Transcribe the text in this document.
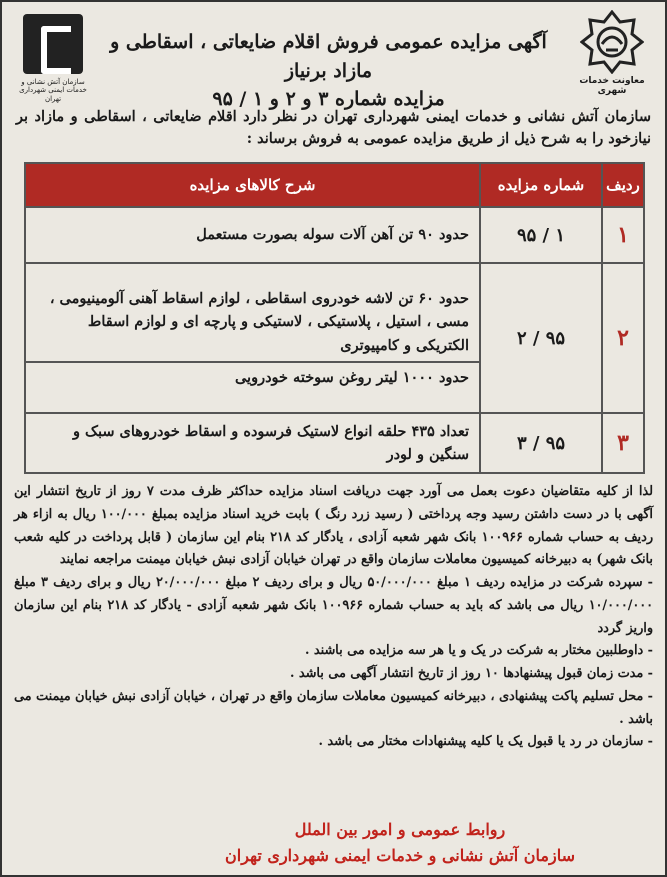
سازمان آتش نشانی و خدمات ایمنی شهرداری تهران
آگهی مزایده عمومی فروش اقلام ضایعاتی ، اسقاطی و مازاد برنیاز
مزایده شماره ۳ و ۲ و ۱ / ۹۵
معاونت خدمات شهری
سازمان آتش نشانی و خدمات ایمنی شهرداری تهران در نظر دارد اقلام ضایعاتی ، اسقاطی و مازاد بر نیازخود را به شرح ذیل از طریق مزایده عمومی به فروش برساند :
ردیف	شماره مزایده	شرح کالاهای مزایده
۱	۱ / ۹۵	حدود ۹۰ تن آهن آلات سوله بصورت مستعمل

۲	۹۵ / ۲	حدود ۶۰ تن لاشه خودروی اسقاطی ، لوازم اسقاط آهنی آلومینیومی ، مسی ، استیل ، پلاستیکی ، لاستیکی و پارچه ای و لوازم اسقاط الکتریکی و کامپیوتری
حدود ۱۰۰۰ لیتر روغن سوخته خودرویی

۳	۹۵ / ۳	تعداد ۴۳۵ حلقه انواع لاستیک فرسوده و اسقاط خودروهای سبک و سنگین و لودر

لذا از کلیه متقاضیان دعوت بعمل می آورد جهت دریافت اسناد مزایده حداکثر ظرف مدت ۷ روز از تاریخ انتشار این آگهی با در دست داشتن رسید وجه پرداختی ( رسید زرد رنگ ) بابت خرید اسناد مزایده بمبلغ ۱۰۰/۰۰۰ ریال به ازاء هر ردیف به حساب شماره ۱۰۰۹۶۶ بانک شهر شعبه آزادی ، یادگار کد ۲۱۸ بنام این سازمان ( قابل پرداخت در کلیه شعب بانک شهر) به دبیرخانه کمیسیون معاملات سازمان واقع در تهران خیابان آزادی نبش خیابان میمنت مراجعه نمایند

- سپرده شرکت در مزایده ردیف ۱ مبلغ ۵۰/۰۰۰/۰۰۰ ریال و برای ردیف ۲ مبلغ ۲۰/۰۰۰/۰۰۰ ریال و برای ردیف ۳ مبلغ ۱۰/۰۰۰/۰۰۰ ریال می باشد که باید به حساب شماره ۱۰۰۹۶۶ بانک شهر شعبه آزادی - یادگار کد ۲۱۸ بنام این سازمان واریز گردد

- داوطلبین مختار به شرکت در یک و یا هر سه مزایده می باشند .

- مدت زمان قبول پیشنهادها ۱۰ روز از تاریخ انتشار آگهی می باشد .

- محل تسلیم پاکت پیشنهادی ، دبیرخانه کمیسیون معاملات سازمان واقع در تهران ، خیابان آزادی نبش خیابان میمنت می باشد .

- سازمان در رد یا قبول یک یا کلیه پیشنهادات مختار می باشد .

روابط عمومی و امور بین الملل
سازمان آتش نشانی و خدمات ایمنی شهرداری تهران
